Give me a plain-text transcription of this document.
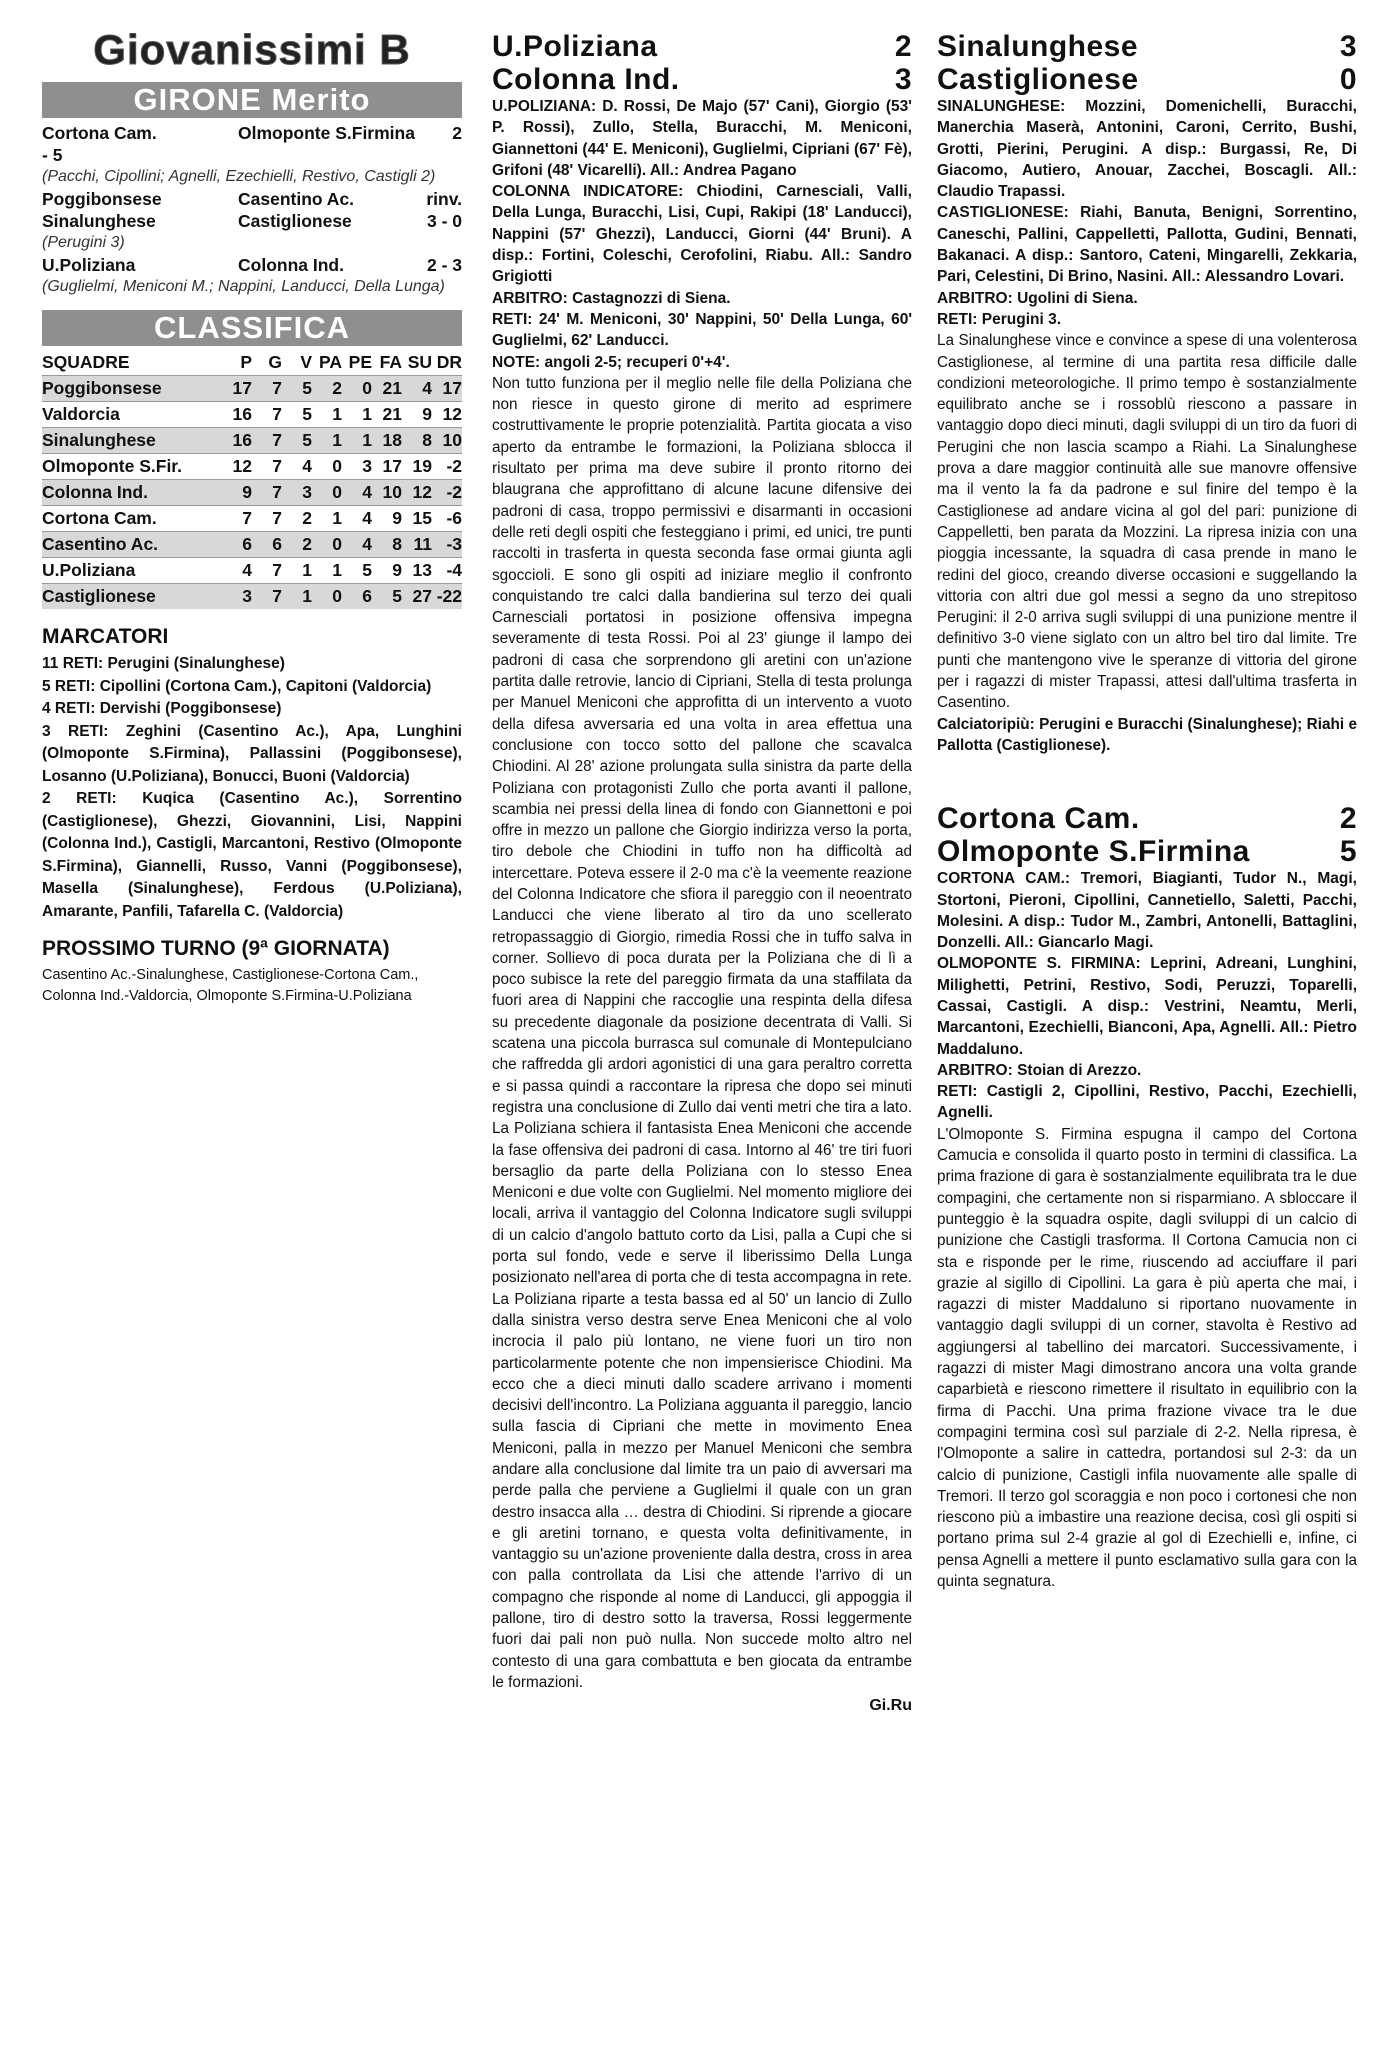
Giovanissimi B
GIRONE Merito
Cortona Cam.	Olmoponte S.Firmina	2
- 5
(Pacchi, Cipollini; Agnelli, Ezechielli, Restivo, Castigli 2)
Poggibonsese	Casentino Ac.	rinv.
Sinalunghese	Castiglionese	3 - 0
(Perugini 3)
U.Poliziana	Colonna Ind.	2 - 3
(Guglielmi, Meniconi M.; Nappini, Landucci, Della Lunga)
CLASSIFICA
SQUADRE	P	G	V	PA	PE	FA	SU	DR
Poggibonsese	17	7	5	2	0	21	4	17
Valdorcia	16	7	5	1	1	21	9	12
Sinalunghese	16	7	5	1	1	18	8	10
Olmoponte S.Fir.	12	7	4	0	3	17	19	-2
Colonna Ind.	9	7	3	0	4	10	12	-2
Cortona Cam.	7	7	2	1	4	9	15	-6
Casentino Ac.	6	6	2	0	4	8	11	-3
U.Poliziana	4	7	1	1	5	9	13	-4
Castiglionese	3	7	1	0	6	5	27	-22
MARCATORI
11 RETI: Perugini (Sinalunghese)
5 RETI: Cipollini (Cortona Cam.), Capitoni (Valdorcia)
4 RETI: Dervishi (Poggibonsese)
3 RETI: Zeghini (Casentino Ac.), Apa, Lunghini (Olmoponte S.Firmina), Pallassini (Poggibonsese), Losanno (U.Poliziana), Bonucci, Buoni (Valdorcia)
2 RETI: Kuqica (Casentino Ac.), Sorrentino (Castiglionese), Ghezzi, Giovannini, Lisi, Nappini (Colonna Ind.), Castigli, Marcantoni, Restivo (Olmoponte S.Firmina), Giannelli, Russo, Vanni (Poggibonsese), Masella (Sinalunghese), Ferdous (U.Poliziana), Amarante, Panfili, Tafarella C. (Valdorcia)
PROSSIMO TURNO (9ª GIORNATA)
Casentino Ac.-Sinalunghese, Castiglionese-Cortona Cam., Colonna Ind.-Valdorcia, Olmoponte S.Firmina-U.Poliziana
U.Poliziana	2
Colonna Ind.	3
U.POLIZIANA: D. Rossi, De Majo (57' Cani), Giorgio (53' P. Rossi), Zullo, Stella, Buracchi, M. Meniconi, Giannettoni (44' E. Meniconi), Guglielmi, Cipriani (67' Fè), Grifoni (48' Vicarelli). All.: Andrea Pagano
COLONNA INDICATORE: Chiodini, Carnesciali, Valli, Della Lunga, Buracchi, Lisi, Cupi, Rakipi (18' Landucci), Nappini (57' Ghezzi), Landucci, Giorni (44' Bruni). A disp.: Fortini, Coleschi, Cerofolini, Riabu. All.: Sandro Grigiotti
ARBITRO: Castagnozzi di Siena.
RETI: 24' M. Meniconi, 30' Nappini, 50' Della Lunga, 60' Guglielmi, 62' Landucci.
NOTE: angoli 2-5; recuperi 0'+4'.
Non tutto funziona per il meglio nelle file della Poliziana che non riesce in questo girone di merito ad esprimere costruttivamente le proprie potenzialità. Partita giocata a viso aperto da entrambe le formazioni, la Poliziana sblocca il risultato per prima ma deve subire il pronto ritorno dei blaugrana che approfittano di alcune lacune difensive dei padroni di casa, troppo permissivi e disarmanti in occasioni delle reti degli ospiti che festeggiano i primi, ed unici, tre punti raccolti in trasferta in questa seconda fase ormai giunta agli sgoccioli. E sono gli ospiti ad iniziare meglio il confronto conquistando tre calci dalla bandierina sul terzo dei quali Carnesciali portatosi in posizione offensiva impegna severamente di testa Rossi. Poi al 23' giunge il lampo dei padroni di casa che sorprendono gli aretini con un'azione partita dalle retrovie, lancio di Cipriani, Stella di testa prolunga per Manuel Meniconi che approfitta di un intervento a vuoto della difesa avversaria ed una volta in area effettua una conclusione con tocco sotto del pallone che scavalca Chiodini. Al 28' azione prolungata sulla sinistra da parte della Poliziana con protagonisti Zullo che porta avanti il pallone, scambia nei pressi della linea di fondo con Giannettoni e poi offre in mezzo un pallone che Giorgio indirizza verso la porta, tiro debole che Chiodini in tuffo non ha difficoltà ad intercettare. Poteva essere il 2-0 ma c'è la veemente reazione del Colonna Indicatore che sfiora il pareggio con il neoentrato Landucci che viene liberato al tiro da uno scellerato retropassaggio di Giorgio, rimedia Rossi che in tuffo salva in corner. Sollievo di poca durata per la Poliziana che di lì a poco subisce la rete del pareggio firmata da una staffilata da fuori area di Nappini che raccoglie una respinta della difesa su precedente diagonale da posizione decentrata di Valli. Si scatena una piccola burrasca sul comunale di Montepulciano che raffredda gli ardori agonistici di una gara peraltro corretta e si passa quindi a raccontare la ripresa che dopo sei minuti registra una conclusione di Zullo dai venti metri che tira a lato. La Poliziana schiera il fantasista Enea Meniconi che accende la fase offensiva dei padroni di casa. Intorno al 46' tre tiri fuori bersaglio da parte della Poliziana con lo stesso Enea Meniconi e due volte con Guglielmi. Nel momento migliore dei locali, arriva il vantaggio del Colonna Indicatore sugli sviluppi di un calcio d'angolo battuto corto da Lisi, palla a Cupi che si porta sul fondo, vede e serve il liberissimo Della Lunga posizionato nell'area di porta che di testa accompagna in rete. La Poliziana riparte a testa bassa ed al 50' un lancio di Zullo dalla sinistra verso destra serve Enea Meniconi che al volo incrocia il palo più lontano, ne viene fuori un tiro non particolarmente potente che non impensierisce Chiodini. Ma ecco che a dieci minuti dallo scadere arrivano i momenti decisivi dell'incontro. La Poliziana agguanta il pareggio, lancio sulla fascia di Cipriani che mette in movimento Enea Meniconi, palla in mezzo per Manuel Meniconi che sembra andare alla conclusione dal limite tra un paio di avversari ma perde palla che perviene a Guglielmi il quale con un gran destro insacca alla … destra di Chiodini. Si riprende a giocare e gli aretini tornano, e questa volta definitivamente, in vantaggio su un'azione proveniente dalla destra, cross in area con palla controllata da Lisi che attende l'arrivo di un compagno che risponde al nome di Landucci, gli appoggia il pallone, tiro di destro sotto la traversa, Rossi leggermente fuori dai pali non può nulla. Non succede molto altro nel contesto di una gara combattuta e ben giocata da entrambe le formazioni.
Gi.Ru
Sinalunghese	3
Castiglionese	0
SINALUNGHESE: Mozzini, Domenichelli, Buracchi, Manerchia Maserà, Antonini, Caroni, Cerrito, Bushi, Grotti, Pierini, Perugini. A disp.: Burgassi, Re, Di Giacomo, Autiero, Anouar, Zacchei, Boscagli. All.: Claudio Trapassi.
CASTIGLIONESE: Riahi, Banuta, Benigni, Sorrentino, Caneschi, Pallini, Cappelletti, Pallotta, Gudini, Bennati, Bakanaci. A disp.: Santoro, Cateni, Mingarelli, Zekkaria, Pari, Celestini, Di Brino, Nasini. All.: Alessandro Lovari.
ARBITRO: Ugolini di Siena.
RETI: Perugini 3.
La Sinalunghese vince e convince a spese di una volenterosa Castiglionese, al termine di una partita resa difficile dalle condizioni meteorologiche. Il primo tempo è sostanzialmente equilibrato anche se i rossoblù riescono a passare in vantaggio dopo dieci minuti, dagli sviluppi di un tiro da fuori di Perugini che non lascia scampo a Riahi. La Sinalunghese prova a dare maggior continuità alle sue manovre offensive ma il vento la fa da padrone e sul finire del tempo è la Castiglionese ad andare vicina al gol del pari: punizione di Cappelletti, ben parata da Mozzini. La ripresa inizia con una pioggia incessante, la squadra di casa prende in mano le redini del gioco, creando diverse occasioni e suggellando la vittoria con altri due gol messi a segno da uno strepitoso Perugini: il 2-0 arriva sugli sviluppi di una punizione mentre il definitivo 3-0 viene siglato con un altro bel tiro dal limite. Tre punti che mantengono vive le speranze di vittoria del girone per i ragazzi di mister Trapassi, attesi dall'ultima trasferta in Casentino.
Calciatoripiù: Perugini e Buracchi (Sinalunghese); Riahi e Pallotta (Castiglionese).
Cortona Cam.	2
Olmoponte S.Firmina	5
CORTONA CAM.: Tremori, Biagianti, Tudor N., Magi, Stortoni, Pieroni, Cipollini, Cannetiello, Saletti, Pacchi, Molesini. A disp.: Tudor M., Zambri, Antonelli, Battaglini, Donzelli. All.: Giancarlo Magi.
OLMOPONTE S. FIRMINA: Leprini, Adreani, Lunghini, Milighetti, Petrini, Restivo, Sodi, Peruzzi, Toparelli, Cassai, Castigli. A disp.: Vestrini, Neamtu, Merli, Marcantoni, Ezechielli, Bianconi, Apa, Agnelli. All.: Pietro Maddaluno.
ARBITRO: Stoian di Arezzo.
RETI: Castigli 2, Cipollini, Restivo, Pacchi, Ezechielli, Agnelli.
L'Olmoponte S. Firmina espugna il campo del Cortona Camucia e consolida il quarto posto in termini di classifica. La prima frazione di gara è sostanzialmente equilibrata tra le due compagini, che certamente non si risparmiano. A sbloccare il punteggio è la squadra ospite, dagli sviluppi di un calcio di punizione che Castigli trasforma. Il Cortona Camucia non ci sta e risponde per le rime, riuscendo ad acciuffare il pari grazie al sigillo di Cipollini. La gara è più aperta che mai, i ragazzi di mister Maddaluno si riportano nuovamente in vantaggio dagli sviluppi di un corner, stavolta è Restivo ad aggiungersi al tabellino dei marcatori. Successivamente, i ragazzi di mister Magi dimostrano ancora una volta grande caparbietà e riescono rimettere il risultato in equilibrio con la firma di Pacchi. Una prima frazione vivace tra le due compagini termina così sul parziale di 2-2. Nella ripresa, è l'Olmoponte a salire in cattedra, portandosi sul 2-3: da un calcio di punizione, Castigli infila nuovamente alle spalle di Tremori. Il terzo gol scoraggia e non poco i cortonesi che non riescono più a imbastire una reazione decisa, così gli ospiti si portano prima sul 2-4 grazie al gol di Ezechielli e, infine, ci pensa Agnelli a mettere il punto esclamativo sulla gara con la quinta segnatura.
